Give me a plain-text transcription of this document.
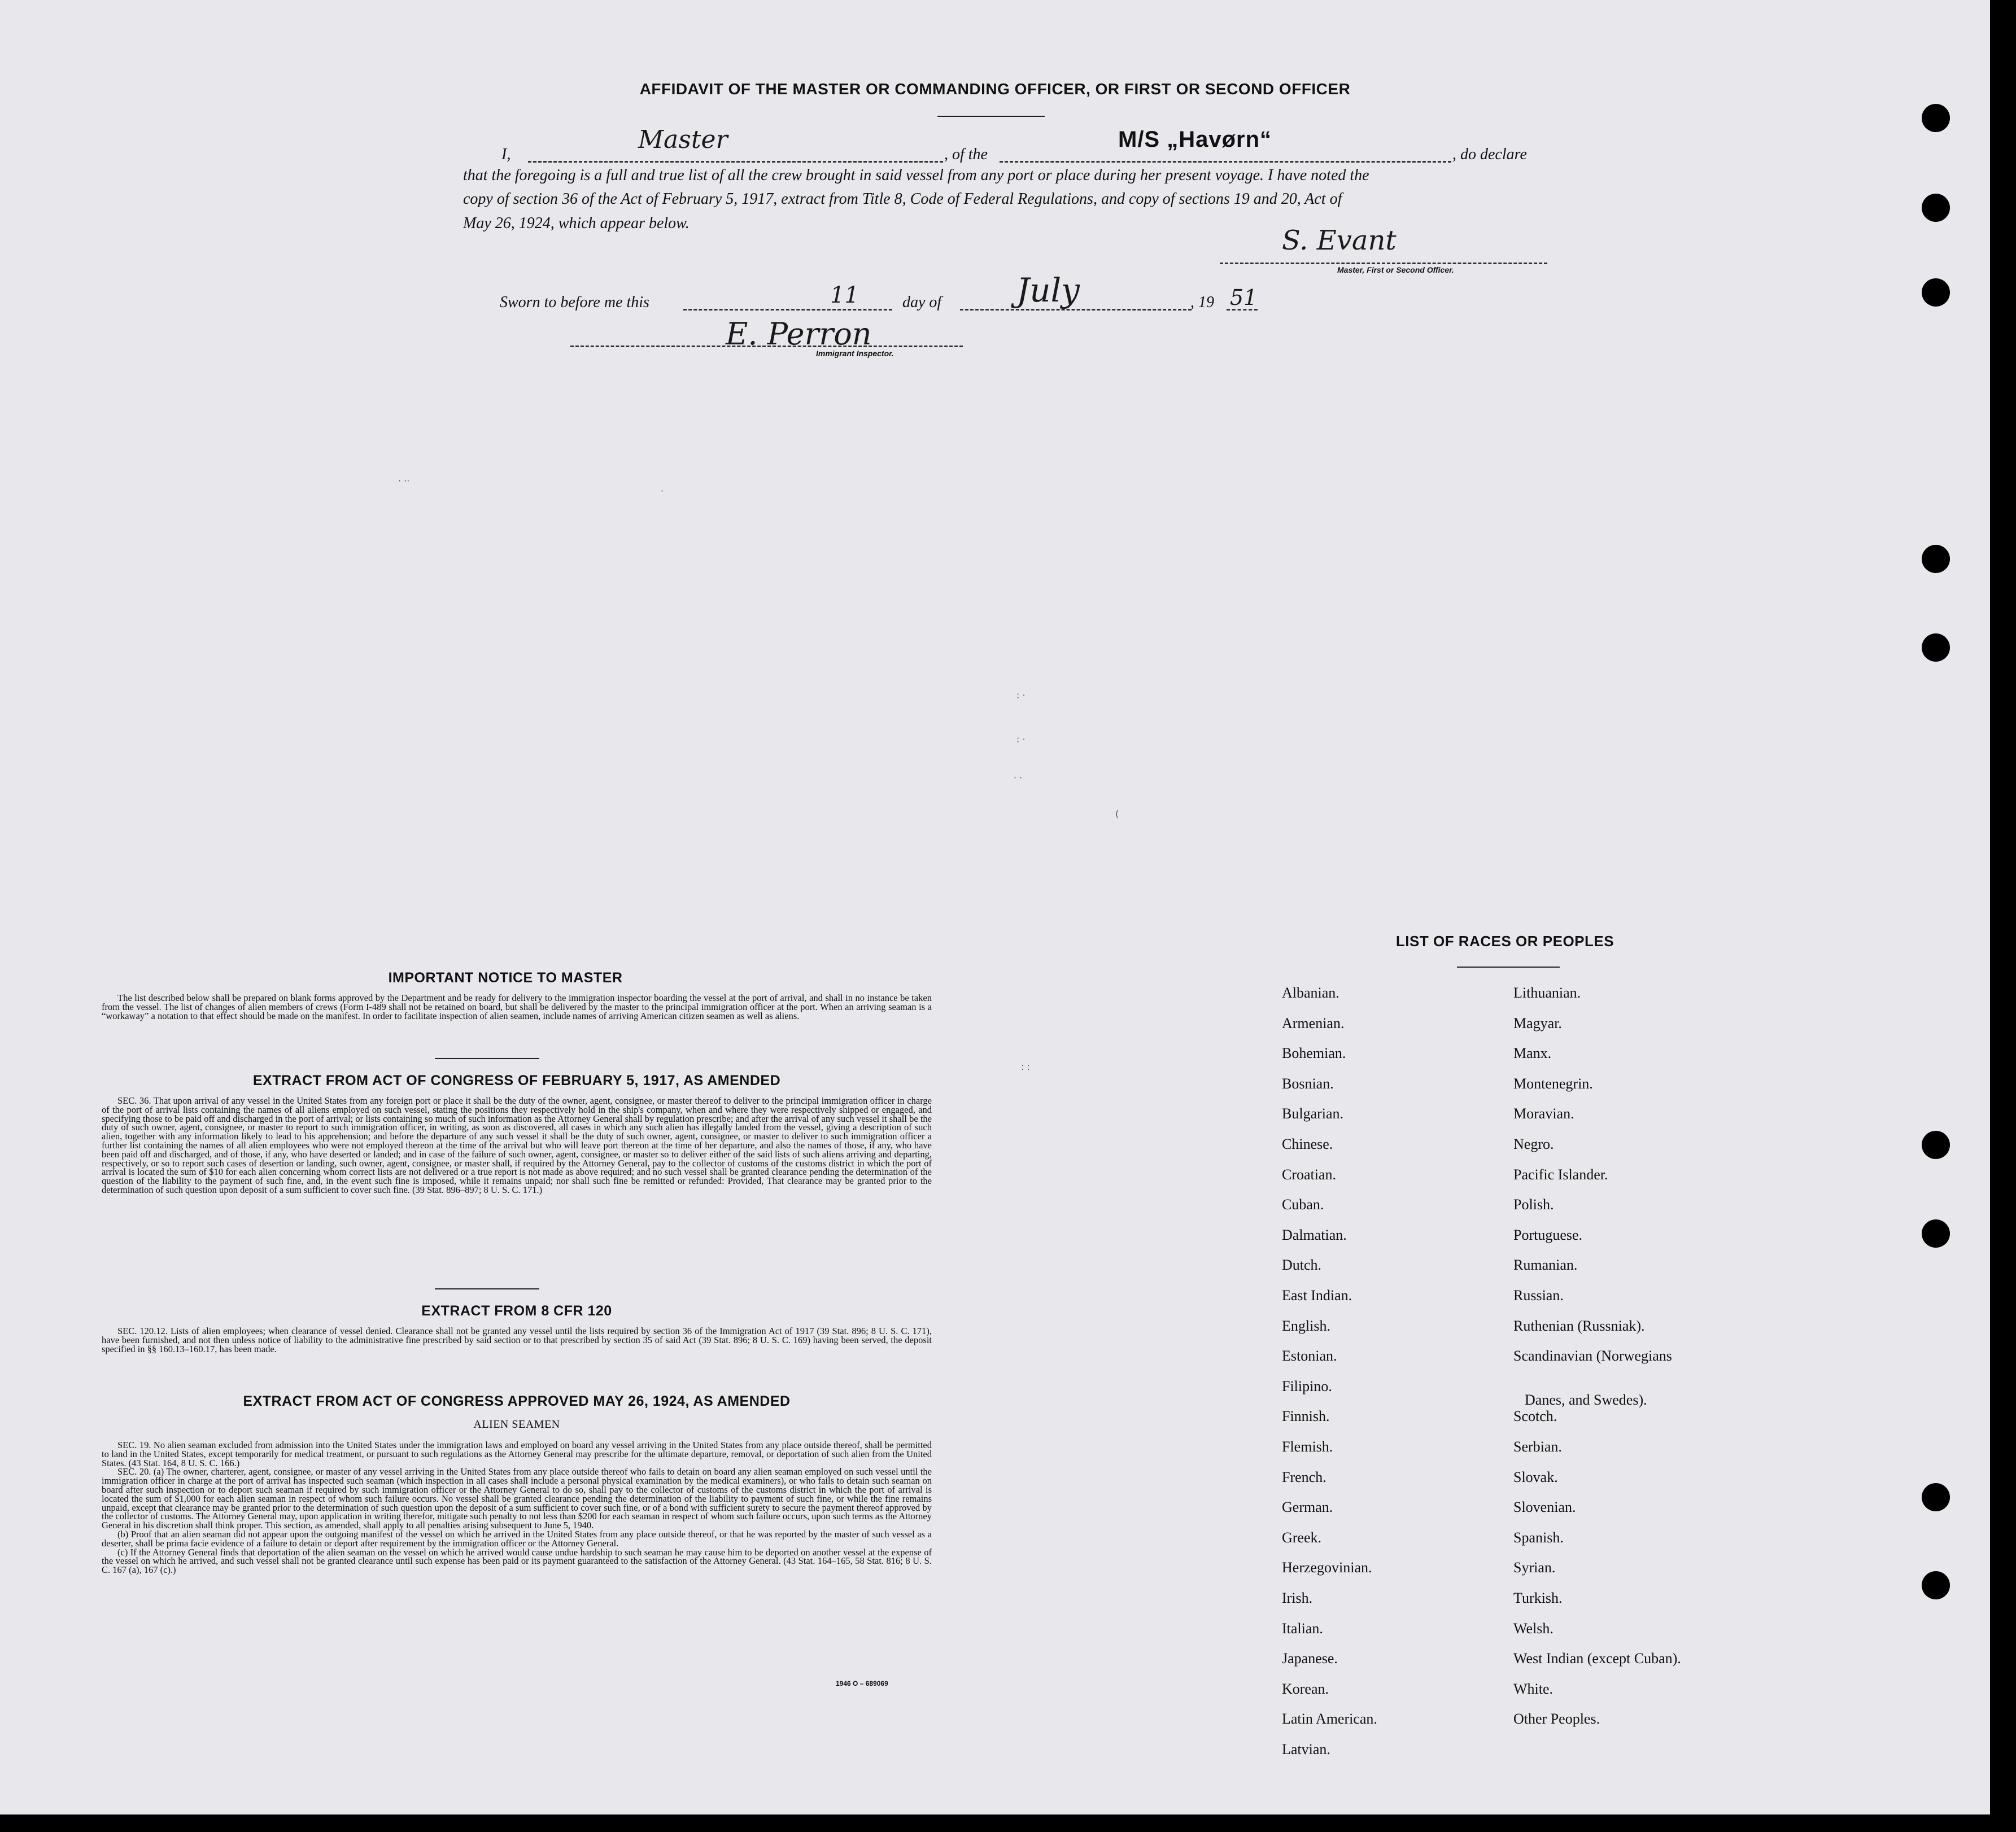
AFFIDAVIT OF THE MASTER OR COMMANDING OFFICER, OR FIRST OR SECOND OFFICER
I,
Master
, of the
M/S „Havørn“
, do declare
that the foregoing is a full and true list of all the crew brought in said vessel from any port or place during her present voyage. I have noted the
copy of section 36 of the Act of February 5, 1917, extract from Title 8, Code of Federal Regulations, and copy of sections 19 and 20, Act of
May 26, 1924, which appear below.
S. Evant
Master, First or Second Officer.
Sworn to before me this	11	day of July	, 19 51
E. Perron
Immigrant Inspector.
· ··
·
: ·
: ·
· ·
(
: :
IMPORTANT NOTICE TO MASTER

The list described below shall be prepared on blank forms approved by the Department and be ready for delivery to the immigration inspector boarding the vessel at the port of arrival, and shall in no instance be taken from the vessel. The list of changes of alien members of crews (Form I-489 shall not be retained on board, but shall be delivered by the master to the principal immigration officer at the port. When an arriving seaman is a “workaway” a notation to that effect should be made on the manifest. In order to facilitate inspection of alien seamen, include names of arriving American citizen seamen as well as aliens.

EXTRACT FROM ACT OF CONGRESS OF FEBRUARY 5, 1917, AS AMENDED

SEC. 36. That upon arrival of any vessel in the United States from any foreign port or place it shall be the duty of the owner, agent, consignee, or master thereof to deliver to the principal immigration officer in charge of the port of arrival lists containing the names of all aliens employed on such vessel, stating the positions they respectively hold in the ship's company, when and where they were respectively shipped or engaged, and specifying those to be paid off and discharged in the port of arrival; or lists containing so much of such information as the Attorney General shall by regulation prescribe; and after the arrival of any such vessel it shall be the duty of such owner, agent, consignee, or master to report to such immigration officer, in writing, as soon as discovered, all cases in which any such alien has illegally landed from the vessel, giving a description of such alien, together with any information likely to lead to his apprehension; and before the departure of any such vessel it shall be the duty of such owner, agent, consignee, or master to deliver to such immigration officer a further list containing the names of all alien employees who were not employed thereon at the time of the arrival but who will leave port thereon at the time of her departure, and also the names of those, if any, who have been paid off and discharged, and of those, if any, who have deserted or landed; and in case of the failure of such owner, agent, consignee, or master so to deliver either of the said lists of such aliens arriving and departing, respectively, or so to report such cases of desertion or landing, such owner, agent, consignee, or master shall, if required by the Attorney General, pay to the collector of customs of the customs district in which the port of arrival is located the sum of $10 for each alien concerning whom correct lists are not delivered or a true report is not made as above required; and no such vessel shall be granted clearance pending the determination of the question of the liability to the payment of such fine, and, in the event such fine is imposed, while it remains unpaid; nor shall such fine be remitted or refunded: Provided, That clearance may be granted prior to the determination of such question upon deposit of a sum sufficient to cover such fine. (39 Stat. 896–897; 8 U. S. C. 171.)

EXTRACT FROM 8 CFR 120

SEC. 120.12. Lists of alien employees; when clearance of vessel denied. Clearance shall not be granted any vessel until the lists required by section 36 of the Immigration Act of 1917 (39 Stat. 896; 8 U. S. C. 171), have been furnished, and not then unless notice of liability to the administrative fine prescribed by said section or to that prescribed by section 35 of said Act (39 Stat. 896; 8 U. S. C. 169) having been served, the deposit specified in §§ 160.13–160.17, has been made.

EXTRACT FROM ACT OF CONGRESS APPROVED MAY 26, 1924, AS AMENDED
ALIEN SEAMEN

SEC. 19. No alien seaman excluded from admission into the United States under the immigration laws and employed on board any vessel arriving in the United States from any place outside thereof, shall be permitted to land in the United States, except temporarily for medical treatment, or pursuant to such regulations as the Attorney General may prescribe for the ultimate departure, removal, or deportation of such alien from the United States. (43 Stat. 164, 8 U. S. C. 166.)

SEC. 20. (a) The owner, charterer, agent, consignee, or master of any vessel arriving in the United States from any place outside thereof who fails to detain on board any alien seaman employed on such vessel until the immigration officer in charge at the port of arrival has inspected such seaman (which inspection in all cases shall include a personal physical examination by the medical examiners), or who fails to detain such seaman on board after such inspection or to deport such seaman if required by such immigration officer or the Attorney General to do so, shall pay to the collector of customs of the customs district in which the port of arrival is located the sum of $1,000 for each alien seaman in respect of whom such failure occurs. No vessel shall be granted clearance pending the determination of the liability to payment of such fine, or while the fine remains unpaid, except that clearance may be granted prior to the determination of such question upon the deposit of a sum sufficient to cover such fine, or of a bond with sufficient surety to secure the payment thereof approved by the collector of customs. The Attorney General may, upon application in writing therefor, mitigate such penalty to not less than $200 for each seaman in respect of whom such failure occurs, upon such terms as the Attorney General in his discretion shall think proper. This section, as amended, shall apply to all penalties arising subsequent to June 5, 1940.

(b) Proof that an alien seaman did not appear upon the outgoing manifest of the vessel on which he arrived in the United States from any place outside thereof, or that he was reported by the master of such vessel as a deserter, shall be prima facie evidence of a failure to detain or deport after requirement by the immigration officer or the Attorney General.

(c) If the Attorney General finds that deportation of the alien seaman on the vessel on which he arrived would cause undue hardship to such seaman he may cause him to be deported on another vessel at the expense of the vessel on which he arrived, and such vessel shall not be granted clearance until such expense has been paid or its payment guaranteed to the satisfaction of the Attorney General. (43 Stat. 164–165, 58 Stat. 816; 8 U. S. C. 167 (a), 167 (c).)

1946 O – 689069
LIST OF RACES OR PEOPLES
Albanian.
Armenian.
Bohemian.
Bosnian.
Bulgarian.
Chinese.
Croatian.
Cuban.
Dalmatian.
Dutch.
East Indian.
English.
Estonian.
Filipino.
Finnish.
Flemish.
French.
German.
Greek.
Herzegovinian.
Irish.
Italian.
Japanese.
Korean.
Latin American.
Latvian.
Lithuanian.
Magyar.
Manx.
Montenegrin.
Moravian.
Negro.
Pacific Islander.
Polish.
Portuguese.
Rumanian.
Russian.
Ruthenian (Russniak).
Scandinavian (Norwegians
Danes, and Swedes).
Scotch.
Serbian.
Slovak.
Slovenian.
Spanish.
Syrian.
Turkish.
Welsh.
West Indian (except Cuban).
White.
Other Peoples.
